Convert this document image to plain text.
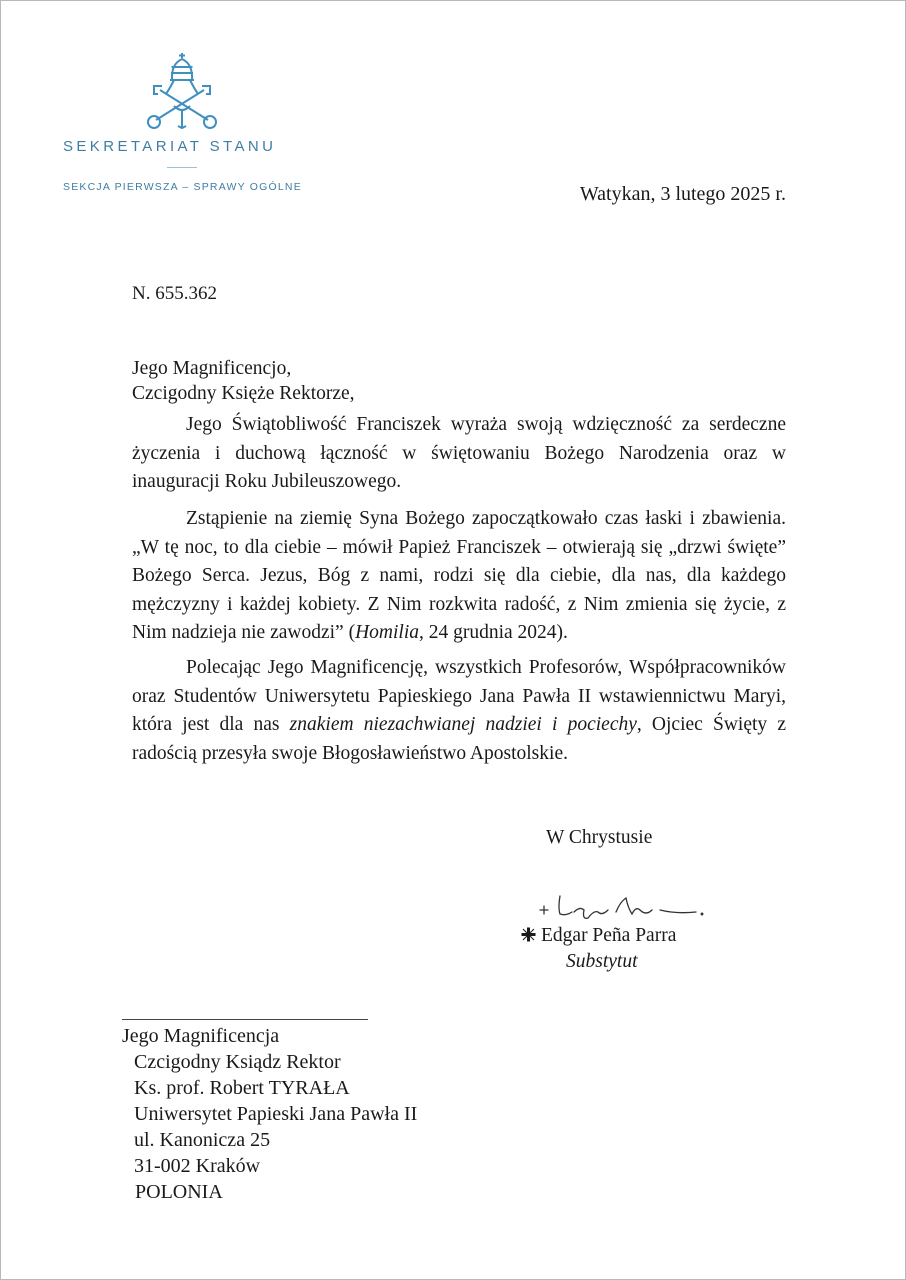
SEKRETARIAT STANU
SEKCJA PIERWSZA – SPRAWY OGÓLNE	Watykan, 3 lutego 2025 r.
N. 655.362
Jego Magnificencjo,
Czcigodny Księże Rektorze,

Jego Świątobliwość Franciszek wyraża swoją wdzięczność za serdeczne życzenia i duchową łączność w świętowaniu Bożego Narodzenia oraz w inauguracji Roku Jubileuszowego.

Zstąpienie na ziemię Syna Bożego zapoczątkowało czas łaski i zbawienia. „W tę noc, to dla ciebie – mówił Papież Franciszek – otwierają się „drzwi święte” Bożego Serca. Jezus, Bóg z nami, rodzi się dla ciebie, dla nas, dla każdego mężczyzny i każdej kobiety. Z Nim rozkwita radość, z Nim zmienia się życie, z Nim nadzieja nie zawodzi” (Homilia, 24 grudnia 2024).

Polecając Jego Magnificencję, wszystkich Profesorów, Współpracowników oraz Studentów Uniwersytetu Papieskiego Jana Pawła II wstawiennictwu Maryi, która jest dla nas znakiem niezachwianej nadziei i pociechy, Ojciec Święty z radością przesyła swoje Błogosławieństwo Apostolskie.

W Chrystusie
Edgar Peña Parra
Substytut
Jego Magnificencja
Czcigodny Ksiądz Rektor
Ks. prof. Robert TYRAŁA
Uniwersytet Papieski Jana Pawła II
ul. Kanonicza 25
31-002 Kraków
POLONIA
